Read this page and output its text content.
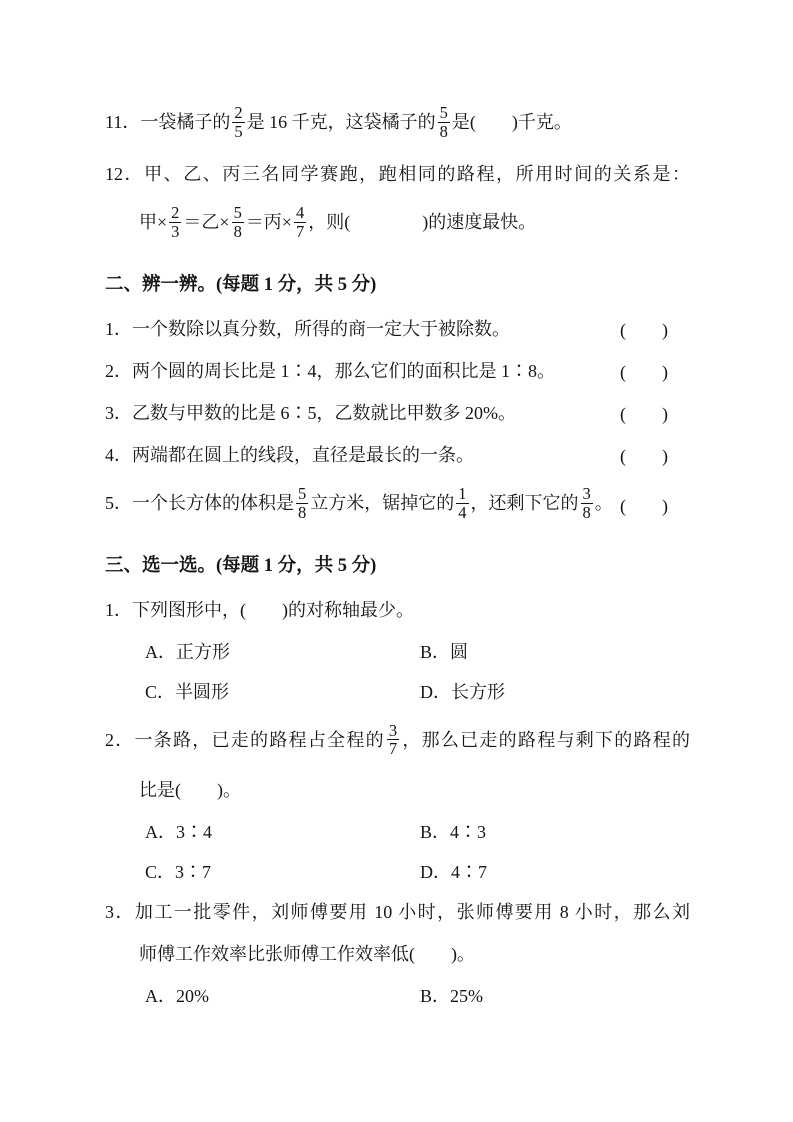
11．一袋橘子的 $\frac{2}{5}$ 是 16 千克，这袋橘子的 $\frac{5}{8}$ 是(　　)千克。
12．甲、乙、丙三名同学赛跑，跑相同的路程，所用时间的关系是：
甲× $\frac{2}{3}$ ＝乙× $\frac{5}{8}$ ＝丙× $\frac{4}{7}$ ，则(　　　　)的速度最快。
二、辨一辨。(每题 1 分，共 5 分)
1．一个数除以真分数，所得的商一定大于被除数。	(　　)
2．两个圆的周长比是 1∶4，那么它们的面积比是 1∶8。	(　　)
3．乙数与甲数的比是 6∶5，乙数就比甲数多 20%。	(　　)
4．两端都在圆上的线段，直径是最长的一条。	(　　)
5．一个长方体的体积是 $\frac{5}{8}$ 立方米，锯掉它的 $\frac{1}{4}$ ，还剩下它的 $\frac{3}{8}$ 。 (　　)
三、选一选。(每题 1 分，共 5 分)
1．下列图形中，(　　)的对称轴最少。
A．正方形	B．圆
C．半圆形	D．长方形
2．一条路，已走的路程占全程的 $\frac{3}{7}$ ，那么已走的路程与剩下的路程的
比是(　　)。
A．3∶4	B．4∶3
C．3∶7	D．4∶7
3．加工一批零件，刘师傅要用 10 小时，张师傅要用 8 小时，那么刘
师傅工作效率比张师傅工作效率低(　　)。
A．20%	B．25%
